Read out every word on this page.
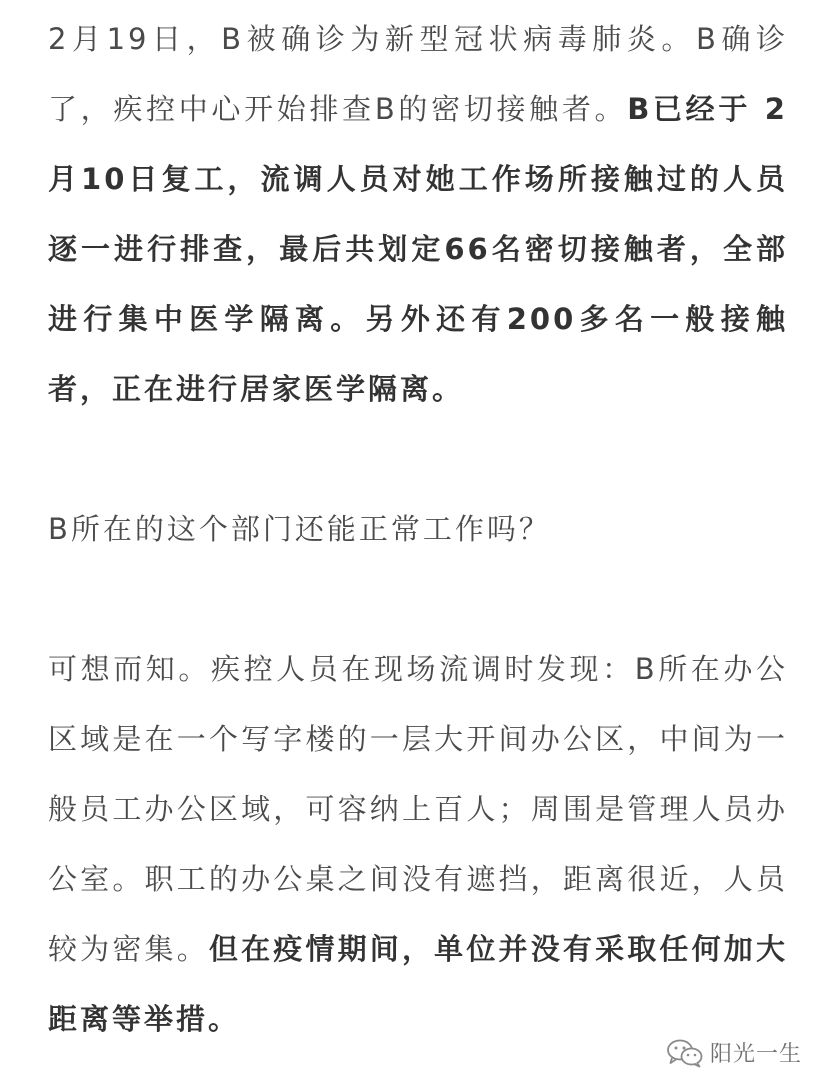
2月19日，B被确诊为新型冠状病毒肺炎。B确诊了，疾控中心开始排查B的密切接触者。B已经于 2月10日复工，流调人员对她工作场所接触过的人员逐一进行排查，最后共划定66名密切接触者，全部进行集中医学隔离。另外还有200多名一般接触者，正在进行居家医学隔离。

B所在的这个部门还能正常工作吗？

可想而知。疾控人员在现场流调时发现：B所在办公区域是在一个写字楼的一层大开间办公区，中间为一般员工办公区域，可容纳上百人；周围是管理人员办公室。职工的办公桌之间没有遮挡，距离很近，人员较为密集。但在疫情期间，单位并没有采取任何加大距离等举措。

阳光一生
